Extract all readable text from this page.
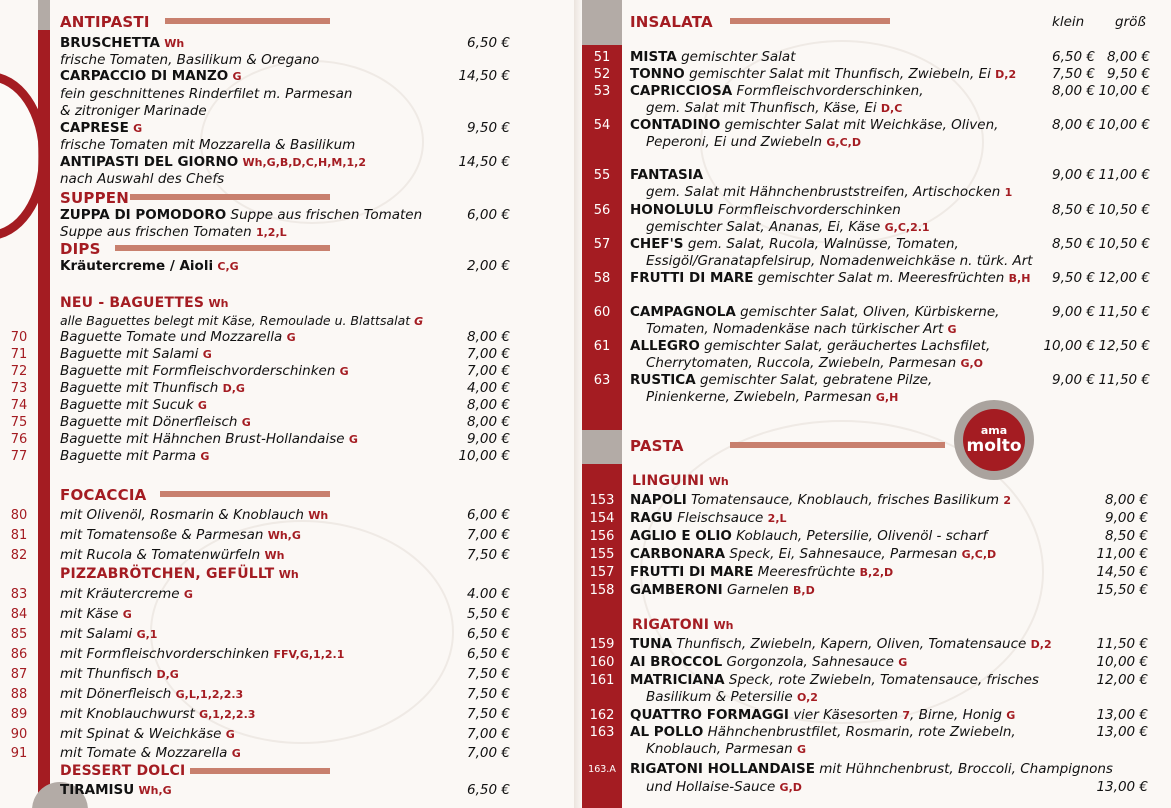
ANTIPASTI
BRUSCHETTA Wh	6,50 €
frische Tomaten, Basilikum & Oregano
CARPACCIO DI MANZO G	14,50 €
fein geschnittenes Rinderfilet m. Parmesan
& zitroniger Marinade
CAPRESE G	9,50 €
frische Tomaten mit Mozzarella & Basilikum
ANTIPASTI DEL GIORNO Wh,G,B,D,C,H,M,1,2	14,50 €
nach Auswahl des Chefs
SUPPEN
ZUPPA DI POMODORO Suppe aus frischen Tomaten	6,00 €
Suppe aus frischen Tomaten 1,2,L
DIPS
Kräutercreme / Aioli C,G	2,00 €
NEU - BAGUETTES Wh
alle Baguettes belegt mit Käse, Remoulade u. Blattsalat G
70	Baguette Tomate und Mozzarella G	8,00 €
71	Baguette mit Salami G	7,00 €
72	Baguette mit Formfleischvorderschinken G	7,00 €
73	Baguette mit Thunfisch D,G	4,00 €
74	Baguette mit Sucuk G	8,00 €
75	Baguette mit Dönerfleisch G	8,00 €
76	Baguette mit Hähnchen Brust-Hollandaise G	9,00 €
77	Baguette mit Parma G	10,00 €
FOCACCIA
80	mit Olivenöl, Rosmarin & Knoblauch Wh	6,00 €
81	mit Tomatensoße & Parmesan Wh,G	7,00 €
82	mit Rucola & Tomatenwürfeln Wh	7,50 €
PIZZABRÖTCHEN, GEFÜLLT Wh
83	mit Kräutercreme G	4.00 €
84	mit Käse G	5,50 €
85	mit Salami G,1	6,50 €
86	mit Formfleischvorderschinken FFV,G,1,2.1	6,50 €
87	mit Thunfisch D,G	7,50 €
88	mit Dönerfleisch G,L,1,2,2.3	7,50 €
89	mit Knoblauchwurst G,1,2,2.3	7,50 €
90	mit Spinat & Weichkäse G	7,00 €
91	mit Tomate & Mozzarella G	7,00 €
DESSERT DOLCI
TIRAMISU Wh,G	6,50 €
INSALATA	klein größ
51	MISTA gemischter Salat	6,50 € 8,00 €
52	TONNO gemischter Salat mit Thunfisch, Zwiebeln, Ei D,2	7,50 € 9,50 €
53	CAPRICCIOSA Formfleischvorderschinken,	8,00 € 10,00 €
gem. Salat mit Thunfisch, Käse, Ei D,C
54	CONTADINO gemischter Salat mit Weichkäse, Oliven,	8,00 € 10,00 €
Peperoni, Ei und Zwiebeln G,C,D
55	FANTASIA	9,00 € 11,00 €
gem. Salat mit Hähnchenbruststreifen, Artischocken 1
56	HONOLULU Formfleischvorderschinken	8,50 € 10,50 €
gemischter Salat, Ananas, Ei, Käse G,C,2.1
57	CHEF'S gem. Salat, Rucola, Walnüsse, Tomaten,	8,50 € 10,50 €
Essigöl/Granatapfelsirup, Nomadenweichkäse n. türk. Art
58	FRUTTI DI MARE gemischter Salat m. Meeresfrüchten B,H	9,50 € 12,00 €
60	CAMPAGNOLA gemischter Salat, Oliven, Kürbiskerne,	9,00 € 11,50 €
Tomaten, Nomadenkäse nach türkischer Art G
61	ALLEGRO gemischter Salat, geräuchertes Lachsfilet,	10,00 € 12,50 €
Cherrytomaten, Ruccola, Zwiebeln, Parmesan G,O
63	RUSTICA gemischter Salat, gebratene Pilze,	9,00 € 11,50 €
Pinienkerne, Zwiebeln, Parmesan G,H
ama
molto
PASTA
LINGUINI Wh
153	NAPOLI Tomatensauce, Knoblauch, frisches Basilikum 2	8,00 €
154	RAGU Fleischsauce 2,L	9,00 €
156	AGLIO E OLIO Koblauch, Petersilie, Olivenöl - scharf	8,50 €
155	CARBONARA Speck, Ei, Sahnesauce, Parmesan G,C,D	11,00 €
157	FRUTTI DI MARE Meeresfrüchte B,2,D	14,50 €
158	GAMBERONI Garnelen B,D	15,50 €
RIGATONI Wh
159	TUNA Thunfisch, Zwiebeln, Kapern, Oliven, Tomatensauce D,2	11,50 €
160	AI BROCCOL Gorgonzola, Sahnesauce G	10,00 €
161	MATRICIANA Speck, rote Zwiebeln, Tomatensauce, frisches	12,00 €
Basilikum & Petersilie O,2
162	QUATTRO FORMAGGI vier Käsesorten 7, Birne, Honig G	13,00 €
163	AL POLLO Hähnchenbrustfilet, Rosmarin, rote Zwiebeln,	13,00 €
Knoblauch, Parmesan G
163.A	RIGATONI HOLLANDAISE mit Hühnchenbrust, Broccoli, Champignons
und Hollaise-Sauce G,D	13,00 €
